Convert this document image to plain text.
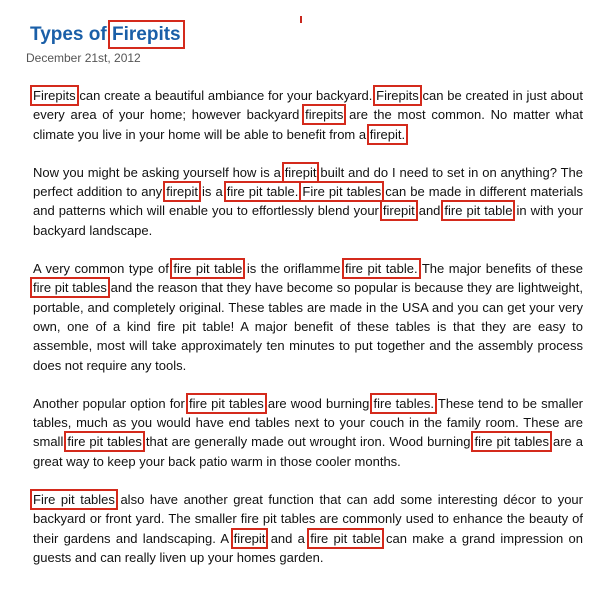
Types of Firepits
December 21st, 2012

Firepits can create a beautiful ambiance for your backyard. Firepits can be created in just about every area of your home; however backyard firepits are the most common. No matter what climate you live in your home will be able to benefit from a firepit.

Now you might be asking yourself how is a firepit built and do I need to set in on anything? The perfect addition to any firepit is a fire pit table. Fire pit tables can be made in different materials and patterns which will enable you to effortlessly blend your firepit and fire pit table in with your backyard landscape.

A very common type of fire pit table is the oriflamme fire pit table. The major benefits of these fire pit tables and the reason that they have become so popular is because they are lightweight, portable, and completely original. These tables are made in the USA and you can get your very own, one of a kind fire pit table! A major benefit of these tables is that they are easy to assemble, most will take approximately ten minutes to put together and the assembly process does not require any tools.

Another popular option for fire pit tables are wood burning fire tables. These tend to be smaller tables, much as you would have end tables next to your couch in the family room. These are small fire pit tables that are generally made out wrought iron. Wood burning fire pit tables are a great way to keep your back patio warm in those cooler months.

Fire pit tables also have another great function that can add some interesting décor to your backyard or front yard. The smaller fire pit tables are commonly used to enhance the beauty of their gardens and landscaping. A firepit and a fire pit table can make a grand impression on guests and can really liven up your homes garden.
